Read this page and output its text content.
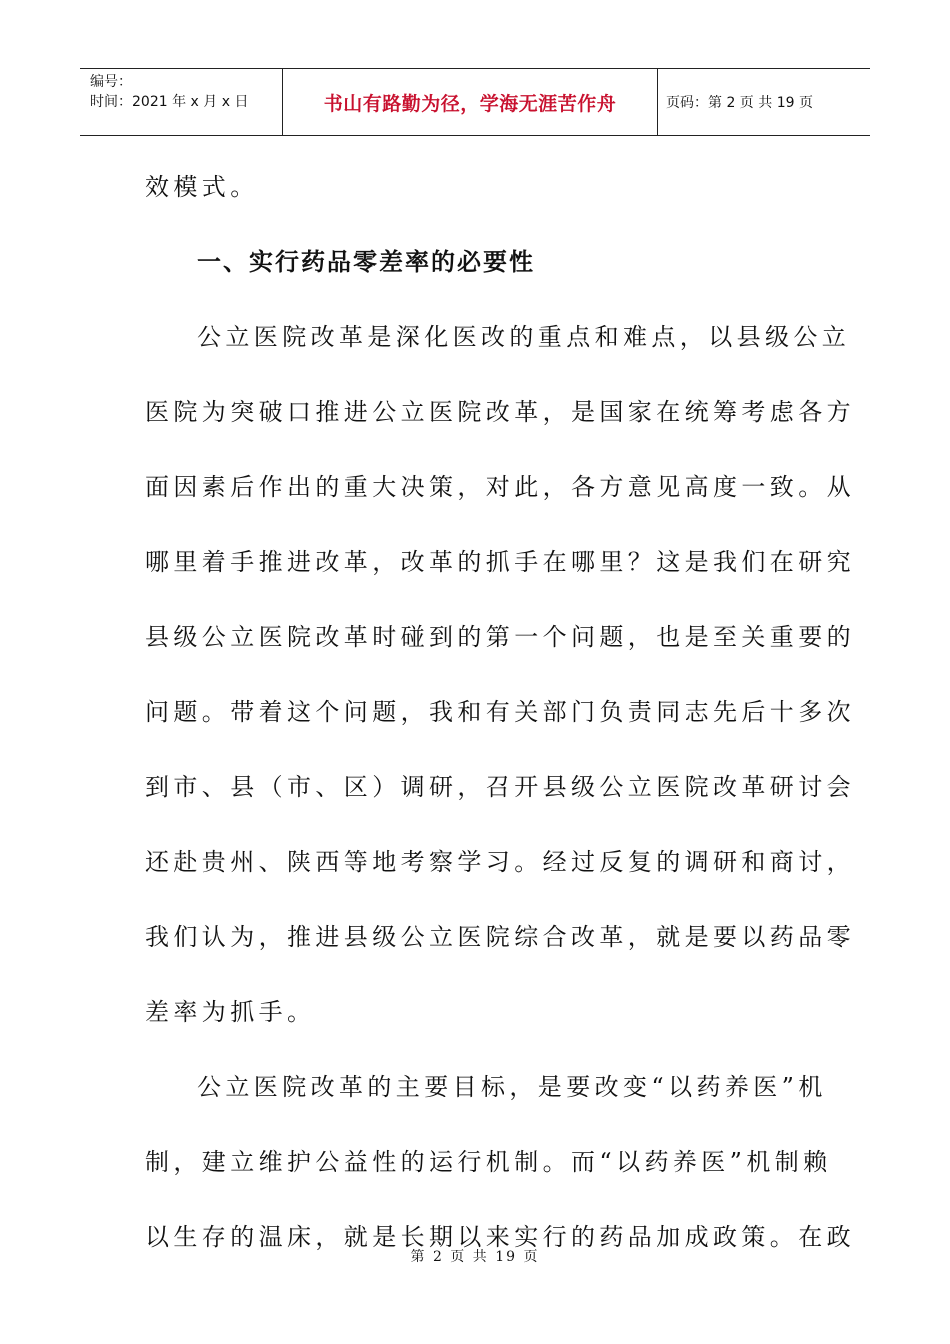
编号：
时间：2021 年 x 月 x 日	书山有路勤为径，学海无涯苦作舟	页码：第 2 页 共 19 页
效模式。
一、实行药品零差率的必要性
公立医院改革是深化医改的重点和难点，以县级公立
医院为突破口推进公立医院改革，是国家在统筹考虑各方
面因素后作出的重大决策，对此，各方意见高度一致。从
哪里着手推进改革，改革的抓手在哪里？这是我们在研究
县级公立医院改革时碰到的第一个问题，也是至关重要的
问题。带着这个问题，我和有关部门负责同志先后十多次
到市、县（市、区）调研，召开县级公立医院改革研讨会
还赴贵州、陕西等地考察学习。经过反复的调研和商讨，
我们认为，推进县级公立医院综合改革，就是要以药品零
差率为抓手。
公立医院改革的主要目标，是要改变“以药养医”机
制，建立维护公益性的运行机制。而“以药养医”机制赖
以生存的温床，就是长期以来实行的药品加成政策。在政
第 2 页 共 19 页
